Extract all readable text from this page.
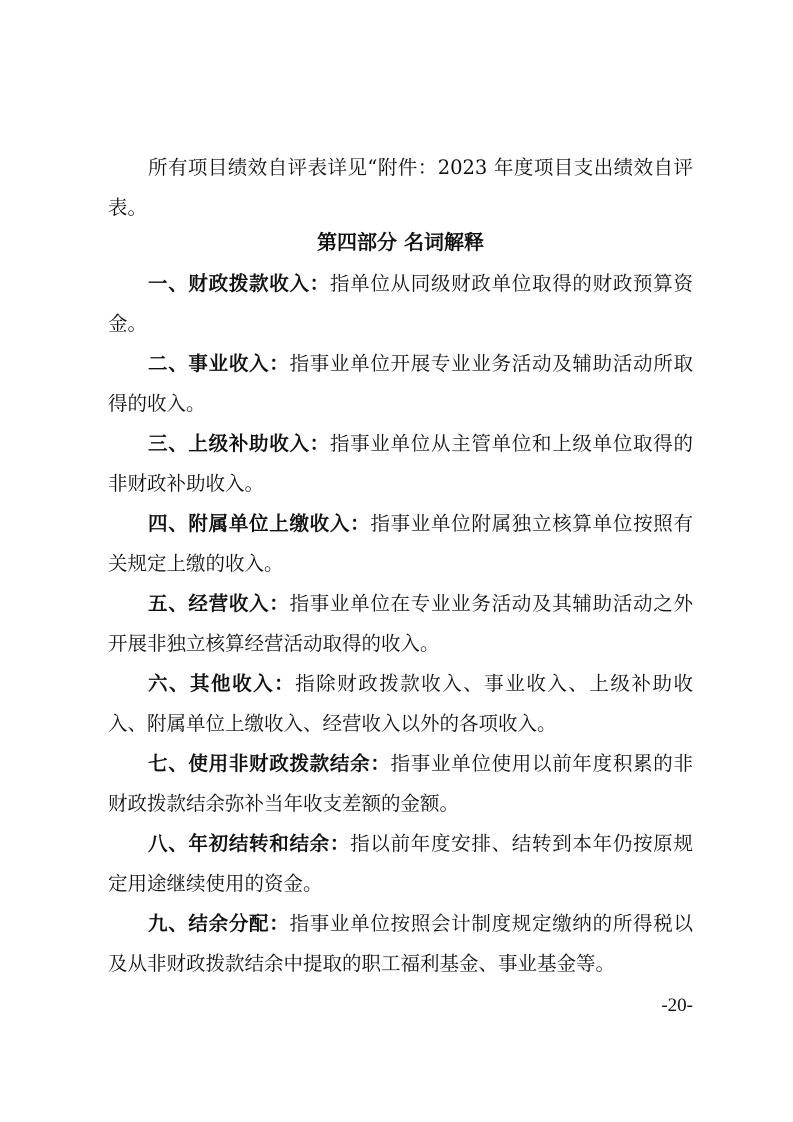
所有项目绩效自评表详见“附件：2023 年度项目支出绩效自评表。

第四部分 名词解释

一、财政拨款收入：指单位从同级财政单位取得的财政预算资金。

二、事业收入：指事业单位开展专业业务活动及辅助活动所取得的收入。

三、上级补助收入：指事业单位从主管单位和上级单位取得的非财政补助收入。

四、附属单位上缴收入：指事业单位附属独立核算单位按照有关规定上缴的收入。

五、经营收入：指事业单位在专业业务活动及其辅助活动之外开展非独立核算经营活动取得的收入。

六、其他收入：指除财政拨款收入、事业收入、上级补助收入、附属单位上缴收入、经营收入以外的各项收入。

七、使用非财政拨款结余：指事业单位使用以前年度积累的非财政拨款结余弥补当年收支差额的金额。

八、年初结转和结余：指以前年度安排、结转到本年仍按原规定用途继续使用的资金。

九、结余分配：指事业单位按照会计制度规定缴纳的所得税以及从非财政拨款结余中提取的职工福利基金、事业基金等。

-20-
